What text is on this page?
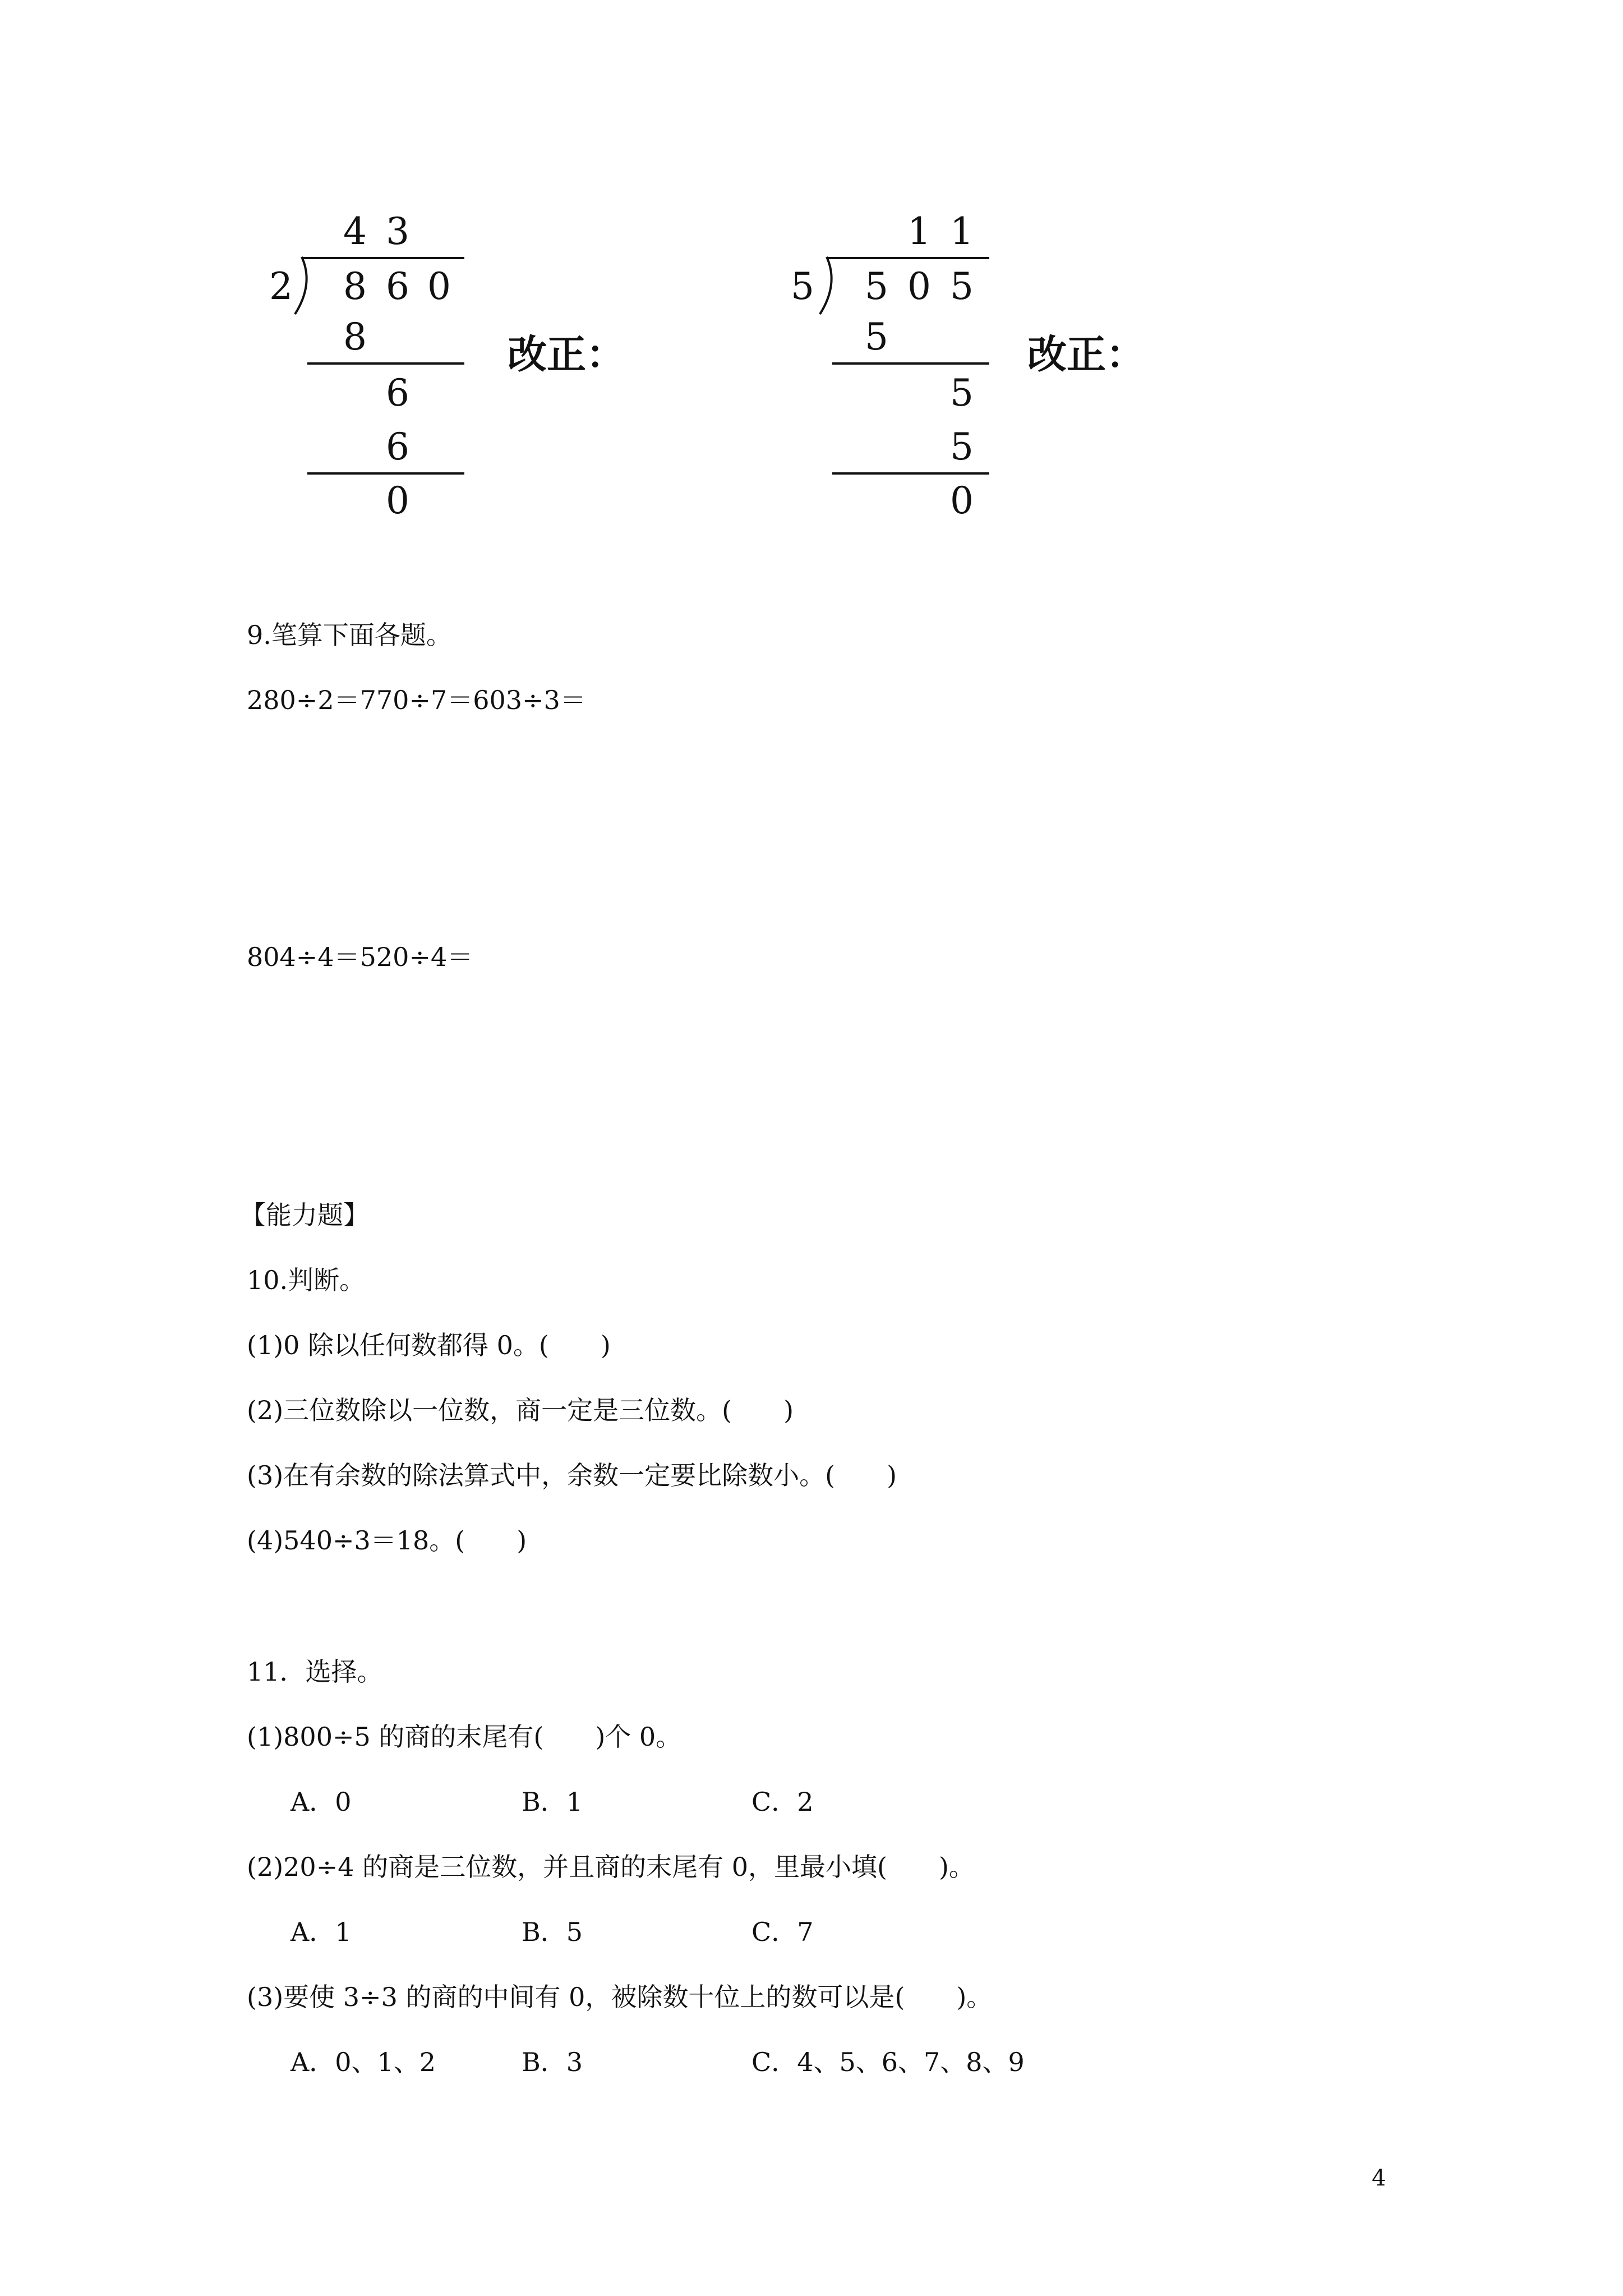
4 3
2 8 6 0
8
6
6
0
改正：
1 1
5 5 0 5
5
5
5
0
改正：
9.笔算下面各题。
280÷2＝770÷7＝603÷3＝
804÷4＝520÷4＝
【能力题】
10.判断。
(1)0 除以任何数都得 0。(　　)
(2)三位数除以一位数，商一定是三位数。(　　)
(3)在有余数的除法算式中，余数一定要比除数小。(　　)
(4)540÷3＝18。(　　)
11．选择。
(1)800÷5 的商的末尾有(　　)个 0。
A．0	B．1	C．2
(2)20÷4 的商是三位数，并且商的末尾有 0，里最小填(　　)。
A．1	B．5	C．7
(3)要使 3÷3 的商的中间有 0，被除数十位上的数可以是(　　)。
A．0、1、2	B．3	C．4、5、6、7、8、9
4
